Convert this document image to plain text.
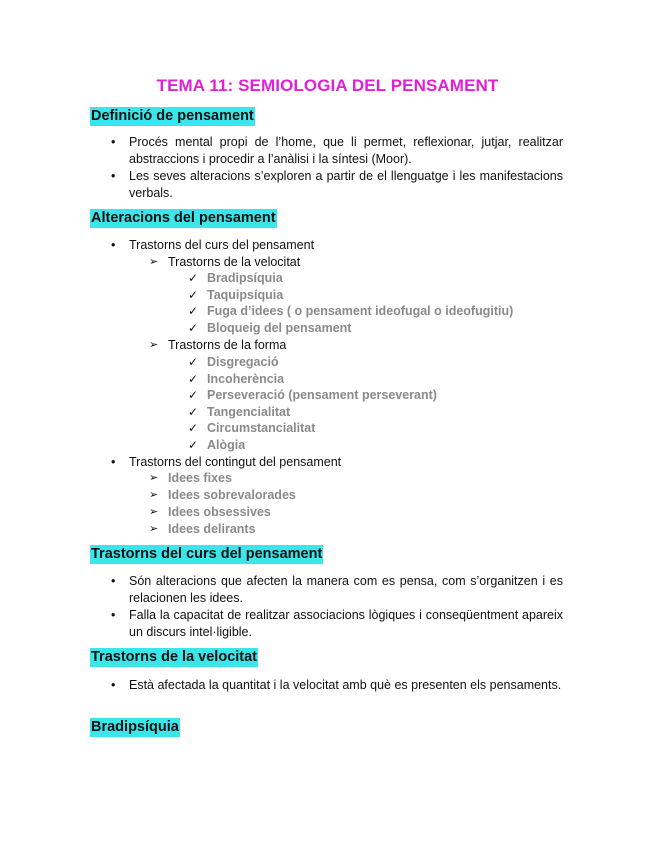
TEMA 11: SEMIOLOGIA DEL PENSAMENT
Definició de pensament
• Procés mental propi de l’home, que li permet, reflexionar, jutjar, realitzar abstraccions i procedir a l’anàlisi i la síntesi (Moor).
• Les seves alteracions s’exploren a partir de el llenguatge i les manifestacions verbals.
Alteracions del pensament
• Trastorns del curs del pensament
➢ Trastorns de la velocitat
✓ Bradipsíquia
✓ Taquipsíquia
✓ Fuga d’idees ( o pensament ideofugal o ideofugitiu)
✓ Bloqueig del pensament
➢ Trastorns de la forma
✓ Disgregació
✓ Incoherència
✓ Perseveració (pensament perseverant)
✓ Tangencialitat
✓ Circumstancialitat
✓ Alògia
• Trastorns del contingut del pensament
➢ Idees fixes
➢ Idees sobrevalorades
➢ Idees obsessives
➢ Idees delirants
Trastorns del curs del pensament
• Són alteracions que afecten la manera com es pensa, com s’organitzen i es relacionen les idees.
• Falla la capacitat de realitzar associacions lògiques i conseqüentment apareix un discurs intel·ligible.
Trastorns de la velocitat
• Està afectada la quantitat i la velocitat amb què es presenten els pensaments.
Bradipsíquia
